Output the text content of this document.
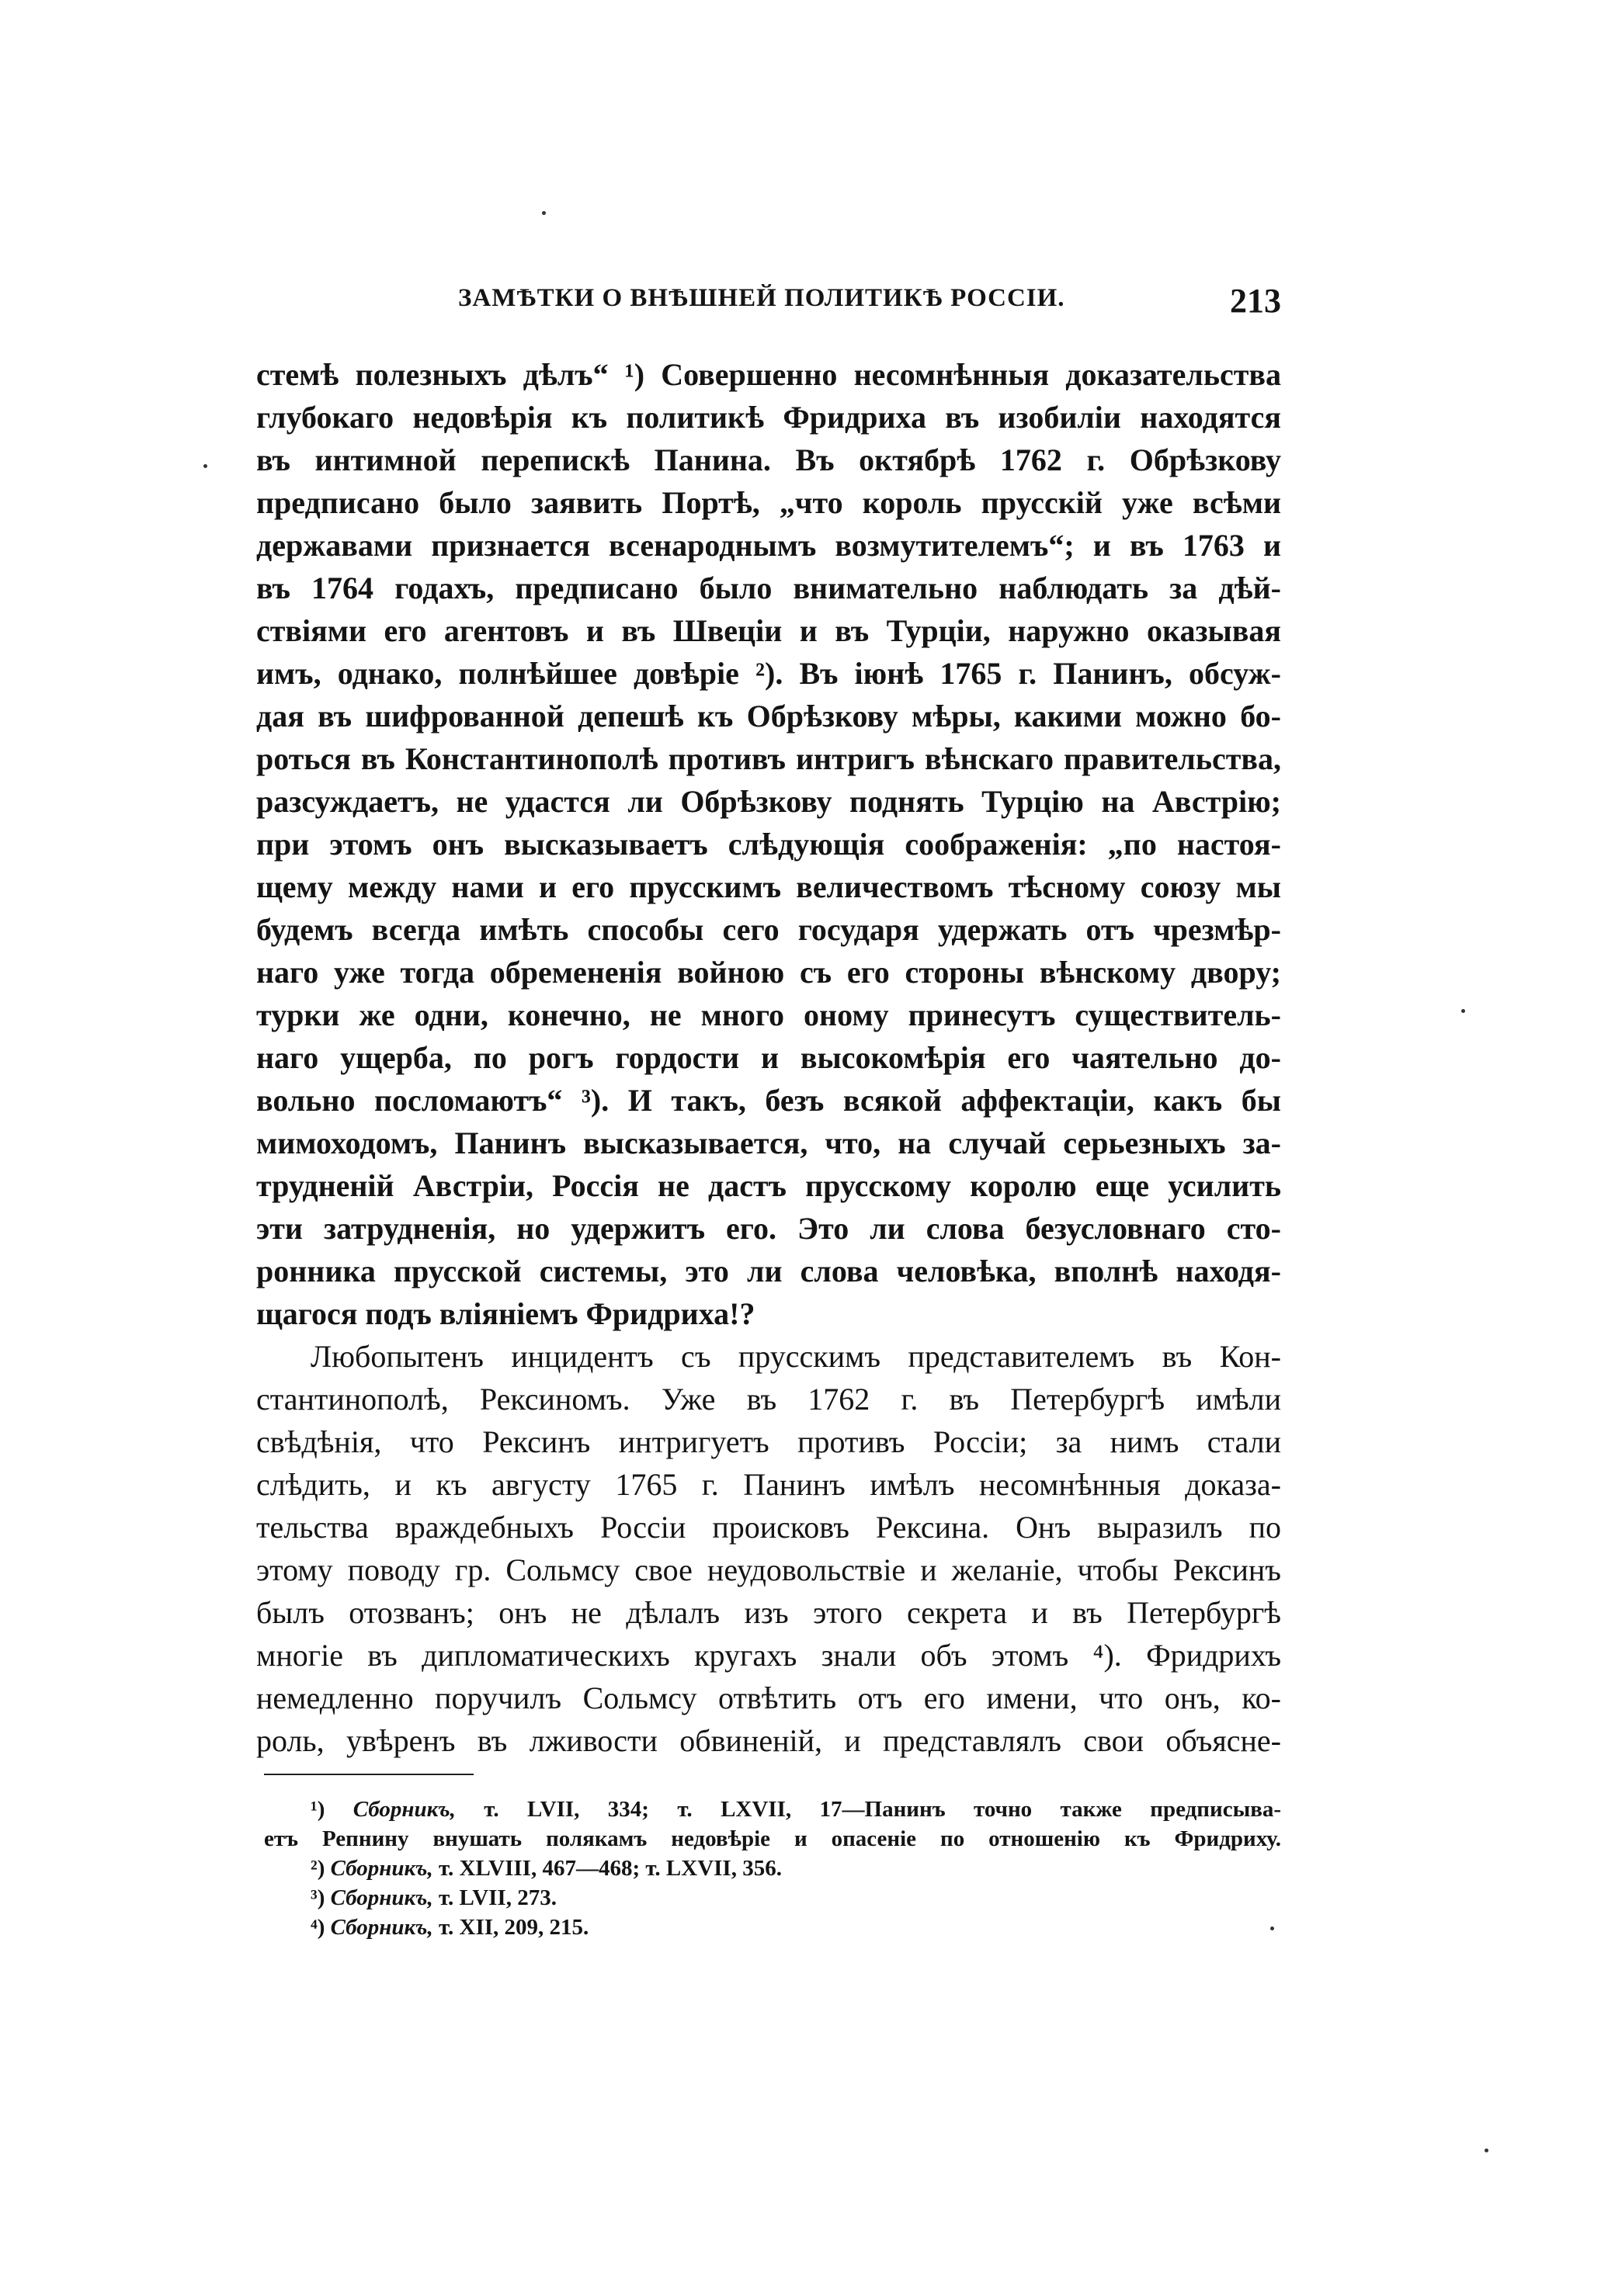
ЗАМѢТКИ О ВНѢШНЕЙ ПОЛИТИКѢ РОССІИ.	213
стемѣ полезныхъ дѣлъ“ ¹) Совершенно несомнѣнныя доказательства
глубокаго недовѣрія къ политикѣ Фридриха въ изобиліи находятся
въ интимной перепискѣ Панина. Въ октябрѣ 1762 г. Обрѣзкову
предписано было заявить Портѣ, „что король прусскій уже всѣми
державами признается всенароднымъ возмутителемъ“; и въ 1763 и
въ 1764 годахъ, предписано было внимательно наблюдать за дѣй-
ствіями его агентовъ и въ Швеціи и въ Турціи, наружно оказывая
имъ, однако, полнѣйшее довѣріе ²). Въ іюнѣ 1765 г. Панинъ, обсуж-
дая въ шифрованной депешѣ къ Обрѣзкову мѣры, какими можно бо-
роться въ Константинополѣ противъ интригъ вѣнскаго правительства,
разсуждаетъ, не удастся ли Обрѣзкову поднять Турцію на Австрію;
при этомъ онъ высказываетъ слѣдующія соображенія: „по настоя-
щему между нами и его прусскимъ величествомъ тѣсному союзу мы
будемъ всегда имѣть способы сего государя удержать отъ чрезмѣр-
наго уже тогда обремененія войною съ его стороны вѣнскому двору;
турки же одни, конечно, не много оному принесутъ существитель-
наго ущерба, по рогъ гордости и высокомѣрія его чаятельно до-
вольно посломаютъ“ ³). И такъ, безъ всякой аффектаціи, какъ бы
мимоходомъ, Панинъ высказывается, что, на случай серьезныхъ за-
трудненій Австріи, Россія не дастъ прусскому королю еще усилить
эти затрудненія, но удержитъ его. Это ли слова безусловнаго сто-
ронника прусской системы, это ли слова человѣка, вполнѣ находя-
щагося подъ вліяніемъ Фридриха!?
Любопытенъ инцидентъ съ прусскимъ представителемъ въ Кон-
стантинополѣ, Рексиномъ. Уже въ 1762 г. въ Петербургѣ имѣли
свѣдѣнія, что Рексинъ интригуетъ противъ Россіи; за нимъ стали
слѣдить, и къ августу 1765 г. Панинъ имѣлъ несомнѣнныя доказа-
тельства враждебныхъ Россіи происковъ Рексина. Онъ выразилъ по
этому поводу гр. Сольмсу свое неудовольствіе и желаніе, чтобы Рексинъ
былъ отозванъ; онъ не дѣлалъ изъ этого секрета и въ Петербургѣ
многіе въ дипломатическихъ кругахъ знали объ этомъ ⁴). Фридрихъ
немедленно поручилъ Сольмсу отвѣтить отъ его имени, что онъ, ко-
роль, увѣренъ въ лживости обвиненій, и представлялъ свои объясне-
¹) Сборникъ, т. LVII, 334; т. LXVII, 17—Панинъ точно также предписыва-
етъ Репнину внушать полякамъ недовѣріе и опасеніе по отношенію къ Фридриху.
²) Сборникъ, т. XLVIII, 467—468; т. LXVII, 356.
³) Сборникъ, т. LVII, 273.
⁴) Сборникъ, т. XII, 209, 215.
